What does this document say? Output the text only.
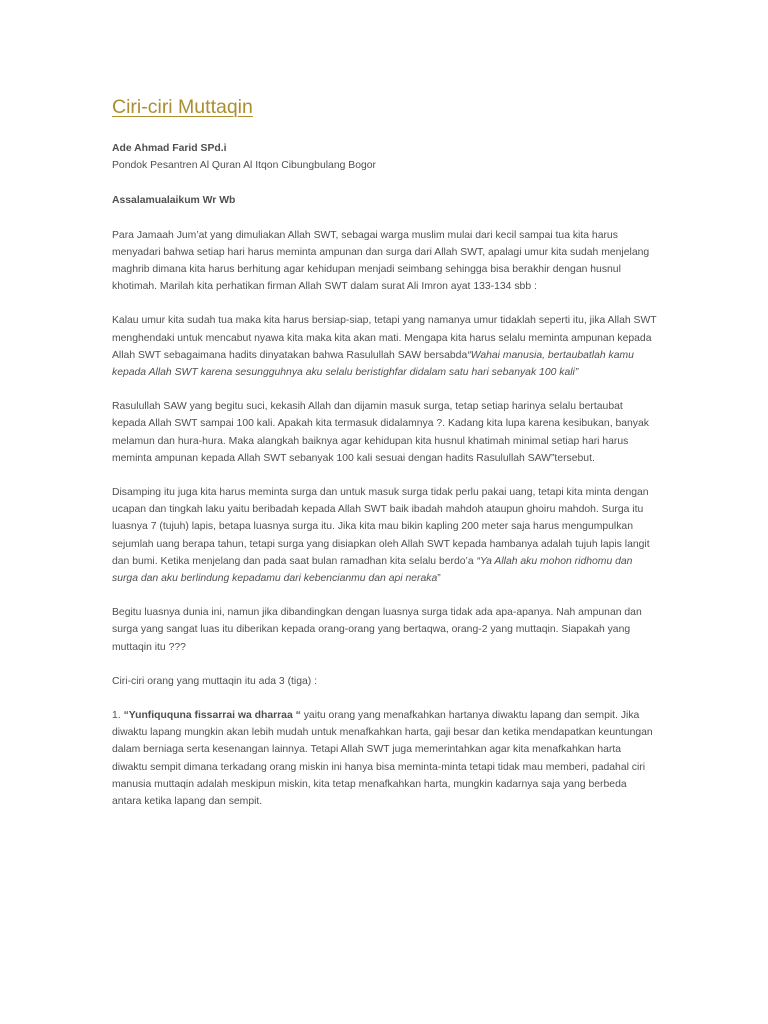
Ciri-ciri Muttaqin
Ade Ahmad Farid SPd.i
Pondok Pesantren Al Quran Al Itqon Cibungbulang Bogor
Assalamualaikum Wr Wb

Para Jamaah Jum’at yang dimuliakan Allah SWT, sebagai warga muslim mulai dari kecil sampai tua kita harus menyadari bahwa setiap hari harus meminta ampunan dan surga dari Allah SWT, apalagi umur kita sudah menjelang maghrib dimana kita harus berhitung agar kehidupan menjadi seimbang sehingga bisa berakhir dengan husnul khotimah. Marilah kita perhatikan firman Allah SWT dalam surat Ali Imron ayat 133-134 sbb :

Kalau umur kita sudah tua maka kita harus bersiap-siap, tetapi yang namanya umur tidaklah seperti itu, jika Allah SWT menghendaki untuk mencabut nyawa kita maka kita akan mati. Mengapa kita harus selalu meminta ampunan kepada Allah SWT sebagaimana hadits dinyatakan bahwa Rasulullah SAW bersabda“Wahai manusia, bertaubatlah kamu kepada Allah SWT karena sesungguhnya aku selalu beristighfar didalam satu hari sebanyak 100 kali”

Rasulullah SAW yang begitu suci, kekasih Allah dan dijamin masuk surga, tetap setiap harinya selalu bertaubat kepada Allah SWT sampai 100 kali. Apakah kita termasuk didalamnya ?. Kadang kita lupa karena kesibukan, banyak melamun dan hura-hura. Maka alangkah baiknya agar kehidupan kita husnul khatimah minimal setiap hari harus meminta ampunan kepada Allah SWT sebanyak 100 kali sesuai dengan hadits Rasulullah SAW”tersebut.

Disamping itu juga kita harus meminta surga dan untuk masuk surga tidak perlu pakai uang, tetapi kita minta dengan ucapan dan tingkah laku yaitu beribadah kepada Allah SWT baik ibadah mahdoh ataupun ghoiru mahdoh. Surga itu luasnya 7 (tujuh) lapis, betapa luasnya surga itu. Jika kita mau bikin kapling 200 meter saja harus mengumpulkan sejumlah uang berapa tahun, tetapi surga yang disiapkan oleh Allah SWT kepada hambanya adalah tujuh lapis langit dan bumi. Ketika menjelang dan pada saat bulan ramadhan kita selalu berdo’a “Ya Allah aku mohon ridhomu dan surga dan aku berlindung kepadamu dari kebencianmu dan api neraka”

Begitu luasnya dunia ini, namun jika dibandingkan dengan luasnya surga tidak ada apa-apanya. Nah ampunan dan surga yang sangat luas itu diberikan kepada orang-orang yang bertaqwa, orang-2 yang muttaqin. Siapakah yang muttaqin itu ???

Ciri-ciri orang yang muttaqin itu ada 3 (tiga) :

1. “Yunfiququna fissarrai wa dharraa “ yaitu orang yang menafkahkan hartanya diwaktu lapang dan sempit. Jika diwaktu lapang mungkin akan lebih mudah untuk menafkahkan harta, gaji besar dan ketika mendapatkan keuntungan dalam berniaga serta kesenangan lainnya. Tetapi Allah SWT juga memerintahkan agar kita menafkahkan harta diwaktu sempit dimana terkadang orang miskin ini hanya bisa meminta-minta tetapi tidak mau memberi, padahal ciri manusia muttaqin adalah meskipun miskin, kita tetap menafkahkan harta, mungkin kadarnya saja yang berbeda antara ketika lapang dan sempit.
